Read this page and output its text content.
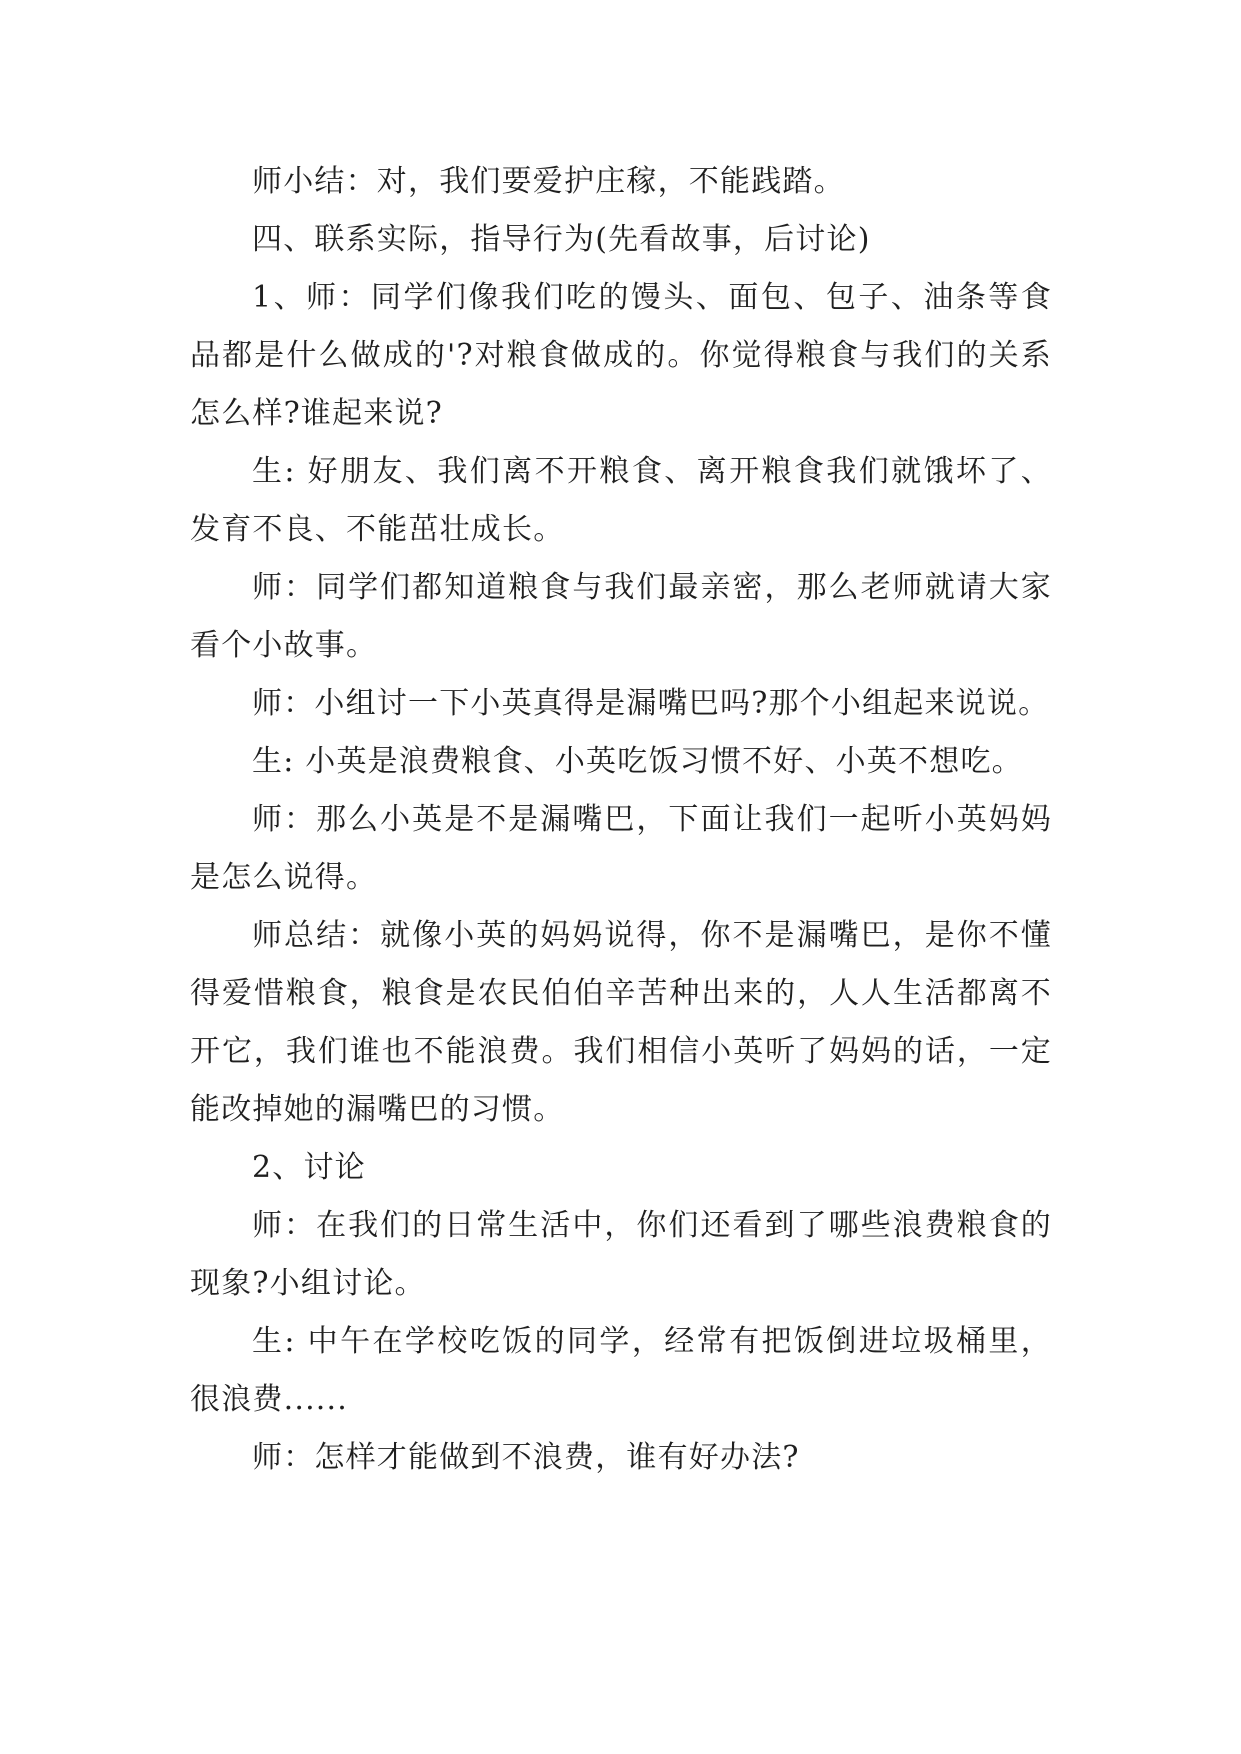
师小结：对，我们要爱护庄稼，不能践踏。

四、联系实际，指导行为(先看故事，后讨论)

1、师：同学们像我们吃的馒头、面包、包子、油条等食品都是什么做成的'?对粮食做成的。你觉得粮食与我们的关系怎么样?谁起来说?

生: 好朋友、我们离不开粮食、离开粮食我们就饿坏了、发育不良、不能茁壮成长。

师：同学们都知道粮食与我们最亲密，那么老师就请大家看个小故事。

师：小组讨一下小英真得是漏嘴巴吗?那个小组起来说说。

生: 小英是浪费粮食、小英吃饭习惯不好、小英不想吃。

师：那么小英是不是漏嘴巴，下面让我们一起听小英妈妈是怎么说得。

师总结：就像小英的妈妈说得，你不是漏嘴巴，是你不懂得爱惜粮食，粮食是农民伯伯辛苦种出来的，人人生活都离不开它，我们谁也不能浪费。我们相信小英听了妈妈的话，一定能改掉她的漏嘴巴的习惯。

2、讨论

师：在我们的日常生活中，你们还看到了哪些浪费粮食的现象?小组讨论。

生: 中午在学校吃饭的同学，经常有把饭倒进垃圾桶里，很浪费......

师：怎样才能做到不浪费，谁有好办法?
